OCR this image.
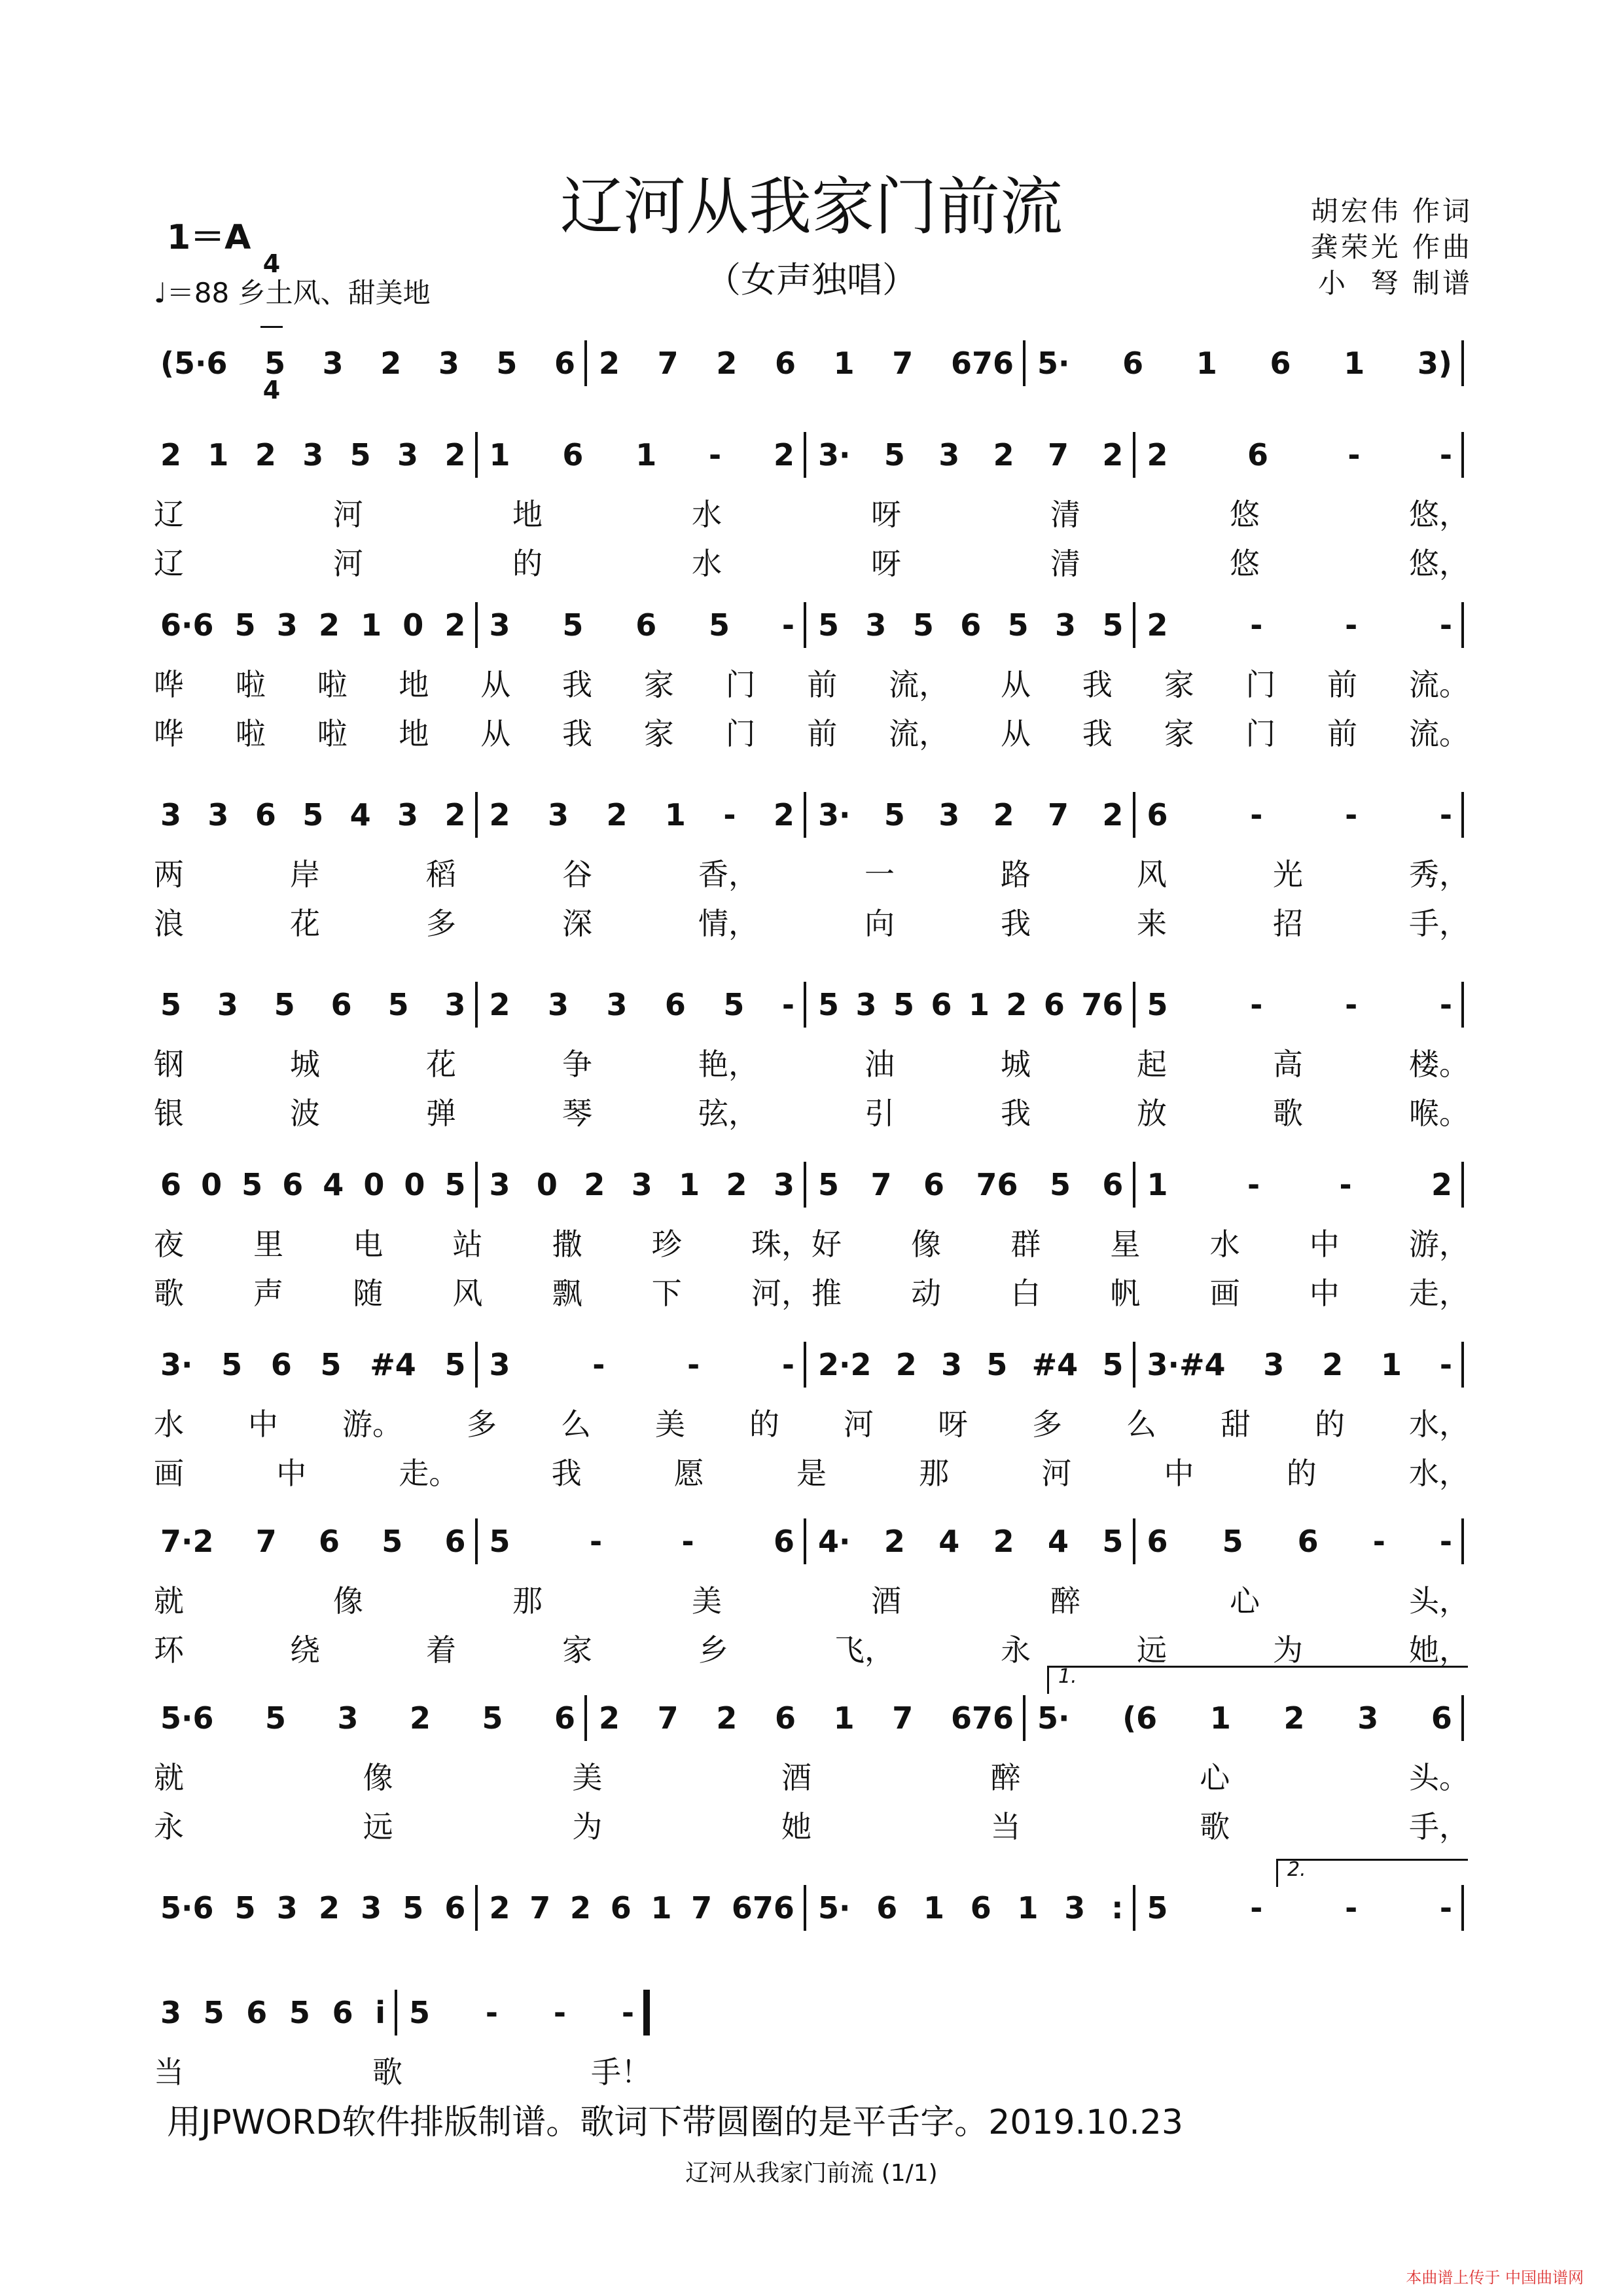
辽河从我家门前流
（女声独唱）
胡宏伟 作词
龚荣光 作曲
小  弩 制谱
1＝A

4

4

♩＝88 乡土风、甜美地
(5·6 5 3 2 3 5 6 2 7 2 6 1 7 676 5· 6 1 6 1 3)
2 1 2 3 5 3 2 1 6 1 - 2 3· 5 3 2 7 2 2	6	-	-
辽	河	地	水	呀	清	悠	悠，
辽	河	的	水	呀	清	悠	悠，
6·6 5 3 2 1 0 2 3 5 6 5 - 5 3 5 6 5 3 5 2	-	-	-
哗 啦 啦 地 从 我 家 门 前 流， 从 我 家 门 前 流。
哗 啦 啦 地 从 我 家 门 前 流， 从 我 家 门 前 流。
3 3 6 5 4 3 2 2 3 2 1 - 2 3· 5 3 2 7 2 6	-	-	-
两	岸	稻	谷	香，	一	路	风	光	秀，
浪	花	多	深	情，	向	我	来	招	手，
5 3 5 6 5 3 2 3 3 6 5 - 5 3 5 6 1 2 6 76 5	-	-	-
钢	城	花	争	艳，	油	城	起	高	楼。
银	波	弹	琴	弦，	引	我	放	歌	喉。
6 0 5 6 4 0 0 5 3 0 2 3 1 2 3 5 7 6 76 5 6 1	-	-	2
夜 里 电 站 撒 珍 珠，好 像 群 星 水 中 游，
歌 声 随 风 飘 下 河，推 动 白 帆 画 中 走，
3· 5 6 5 #4 5 3	-	-	- 2·2 2 3 5 #4 5 3·#4 3 2 1 -
水 中 游。 多 么 美 的 河 呀 多 么 甜 的 水，
画	中	走。	我	愿	是	那	河	中	的	水，
7·2 7 6 5 6 5	-	-	6 4· 2 4 2 4 5 6 5 6 - -
就	像	那	美	酒	醉	心	头，
环	绕	着	家	乡	飞，	永	远	为	她，
5·6 5 3 2 5 6 2 7 2 6 1 7 676 5· (6 1 2 3 6
就	像	美	酒	醉	心	头。
永	远	为	她	当	歌	手，
5·6 5 3 2 3 5 6 2 7 2 6 1 7 676 5· 6 1 6 1 3 : 5	-	-	-
3 5 6 5 6 i 5 - - -
当	歌	手！
1.
2.
用JPWORD软件排版制谱。歌词下带圆圈的是平舌字。2019.10.23
辽河从我家门前流 (1/1)
本曲谱上传于 中国曲谱网
